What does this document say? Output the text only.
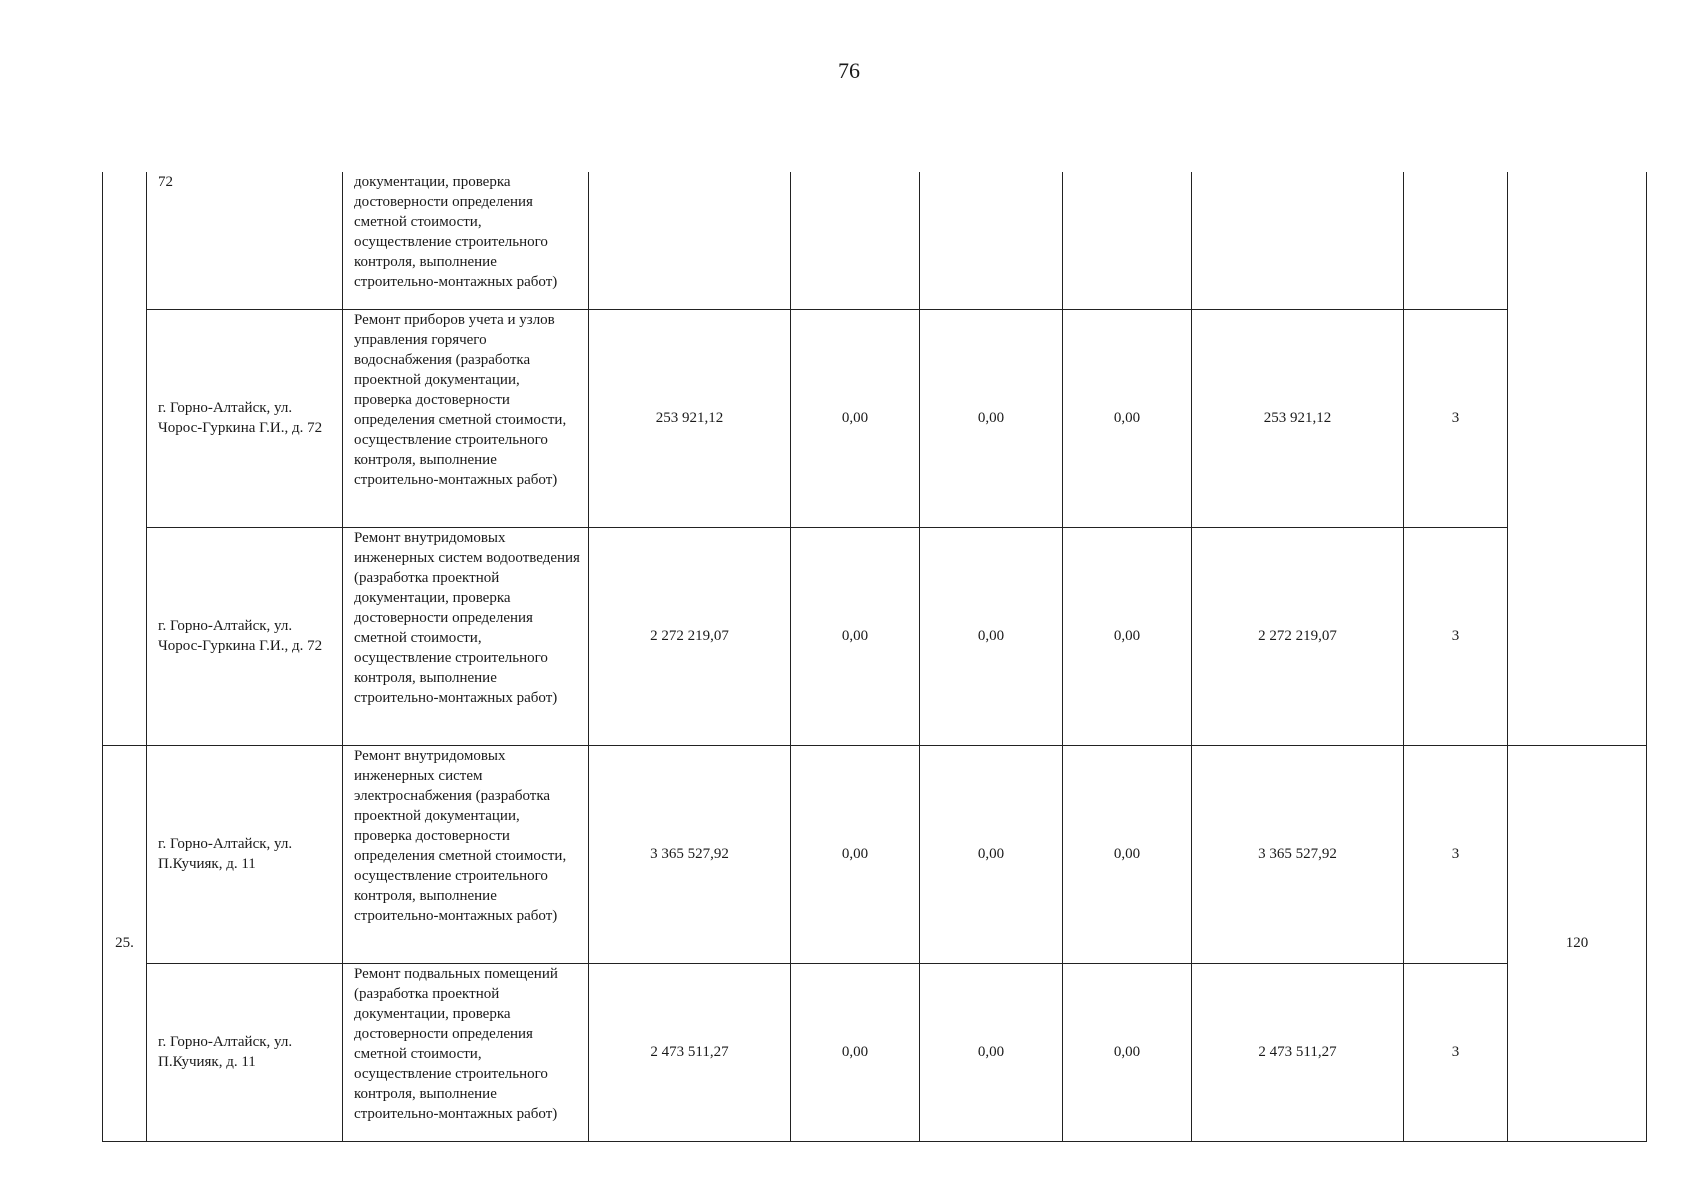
76

	72	документации, проверка достоверности определения сметной стоимости, осуществление строительного контроля, выполнение строительно-монтажных работ)							

	г. Горно-Алтайск, ул. Чорос-Гуркина Г.И., д. 72	Ремонт приборов учета и узлов управления горячего водоснабжения (разработка проектной документации, проверка достоверности определения сметной стоимости, осуществление строительного контроля, выполнение строительно-монтажных работ)	253 921,12	0,00	0,00	0,00	253 921,12	3	
	г. Горно-Алтайск, ул. Чорос-Гуркина Г.И., д. 72	Ремонт внутридомовых инженерных систем водоотведения (разработка проектной документации, проверка достоверности определения сметной стоимости, осуществление строительного контроля, выполнение строительно-монтажных работ)	2 272 219,07	0,00	0,00	0,00	2 272 219,07	3	
25.	г. Горно-Алтайск, ул. П.Кучияк, д. 11	Ремонт внутридомовых инженерных систем электроснабжения (разработка проектной документации, проверка достоверности определения сметной стоимости, осуществление строительного контроля, выполнение строительно-монтажных работ)	3 365 527,92	0,00	0,00	0,00	3 365 527,92	3	120
	г. Горно-Алтайск, ул. П.Кучияк, д. 11	Ремонт подвальных помещений (разработка проектной документации, проверка достоверности определения сметной стоимости, осуществление строительного контроля, выполнение строительно-монтажных работ)	2 473 511,27	0,00	0,00	0,00	2 473 511,27	3	
